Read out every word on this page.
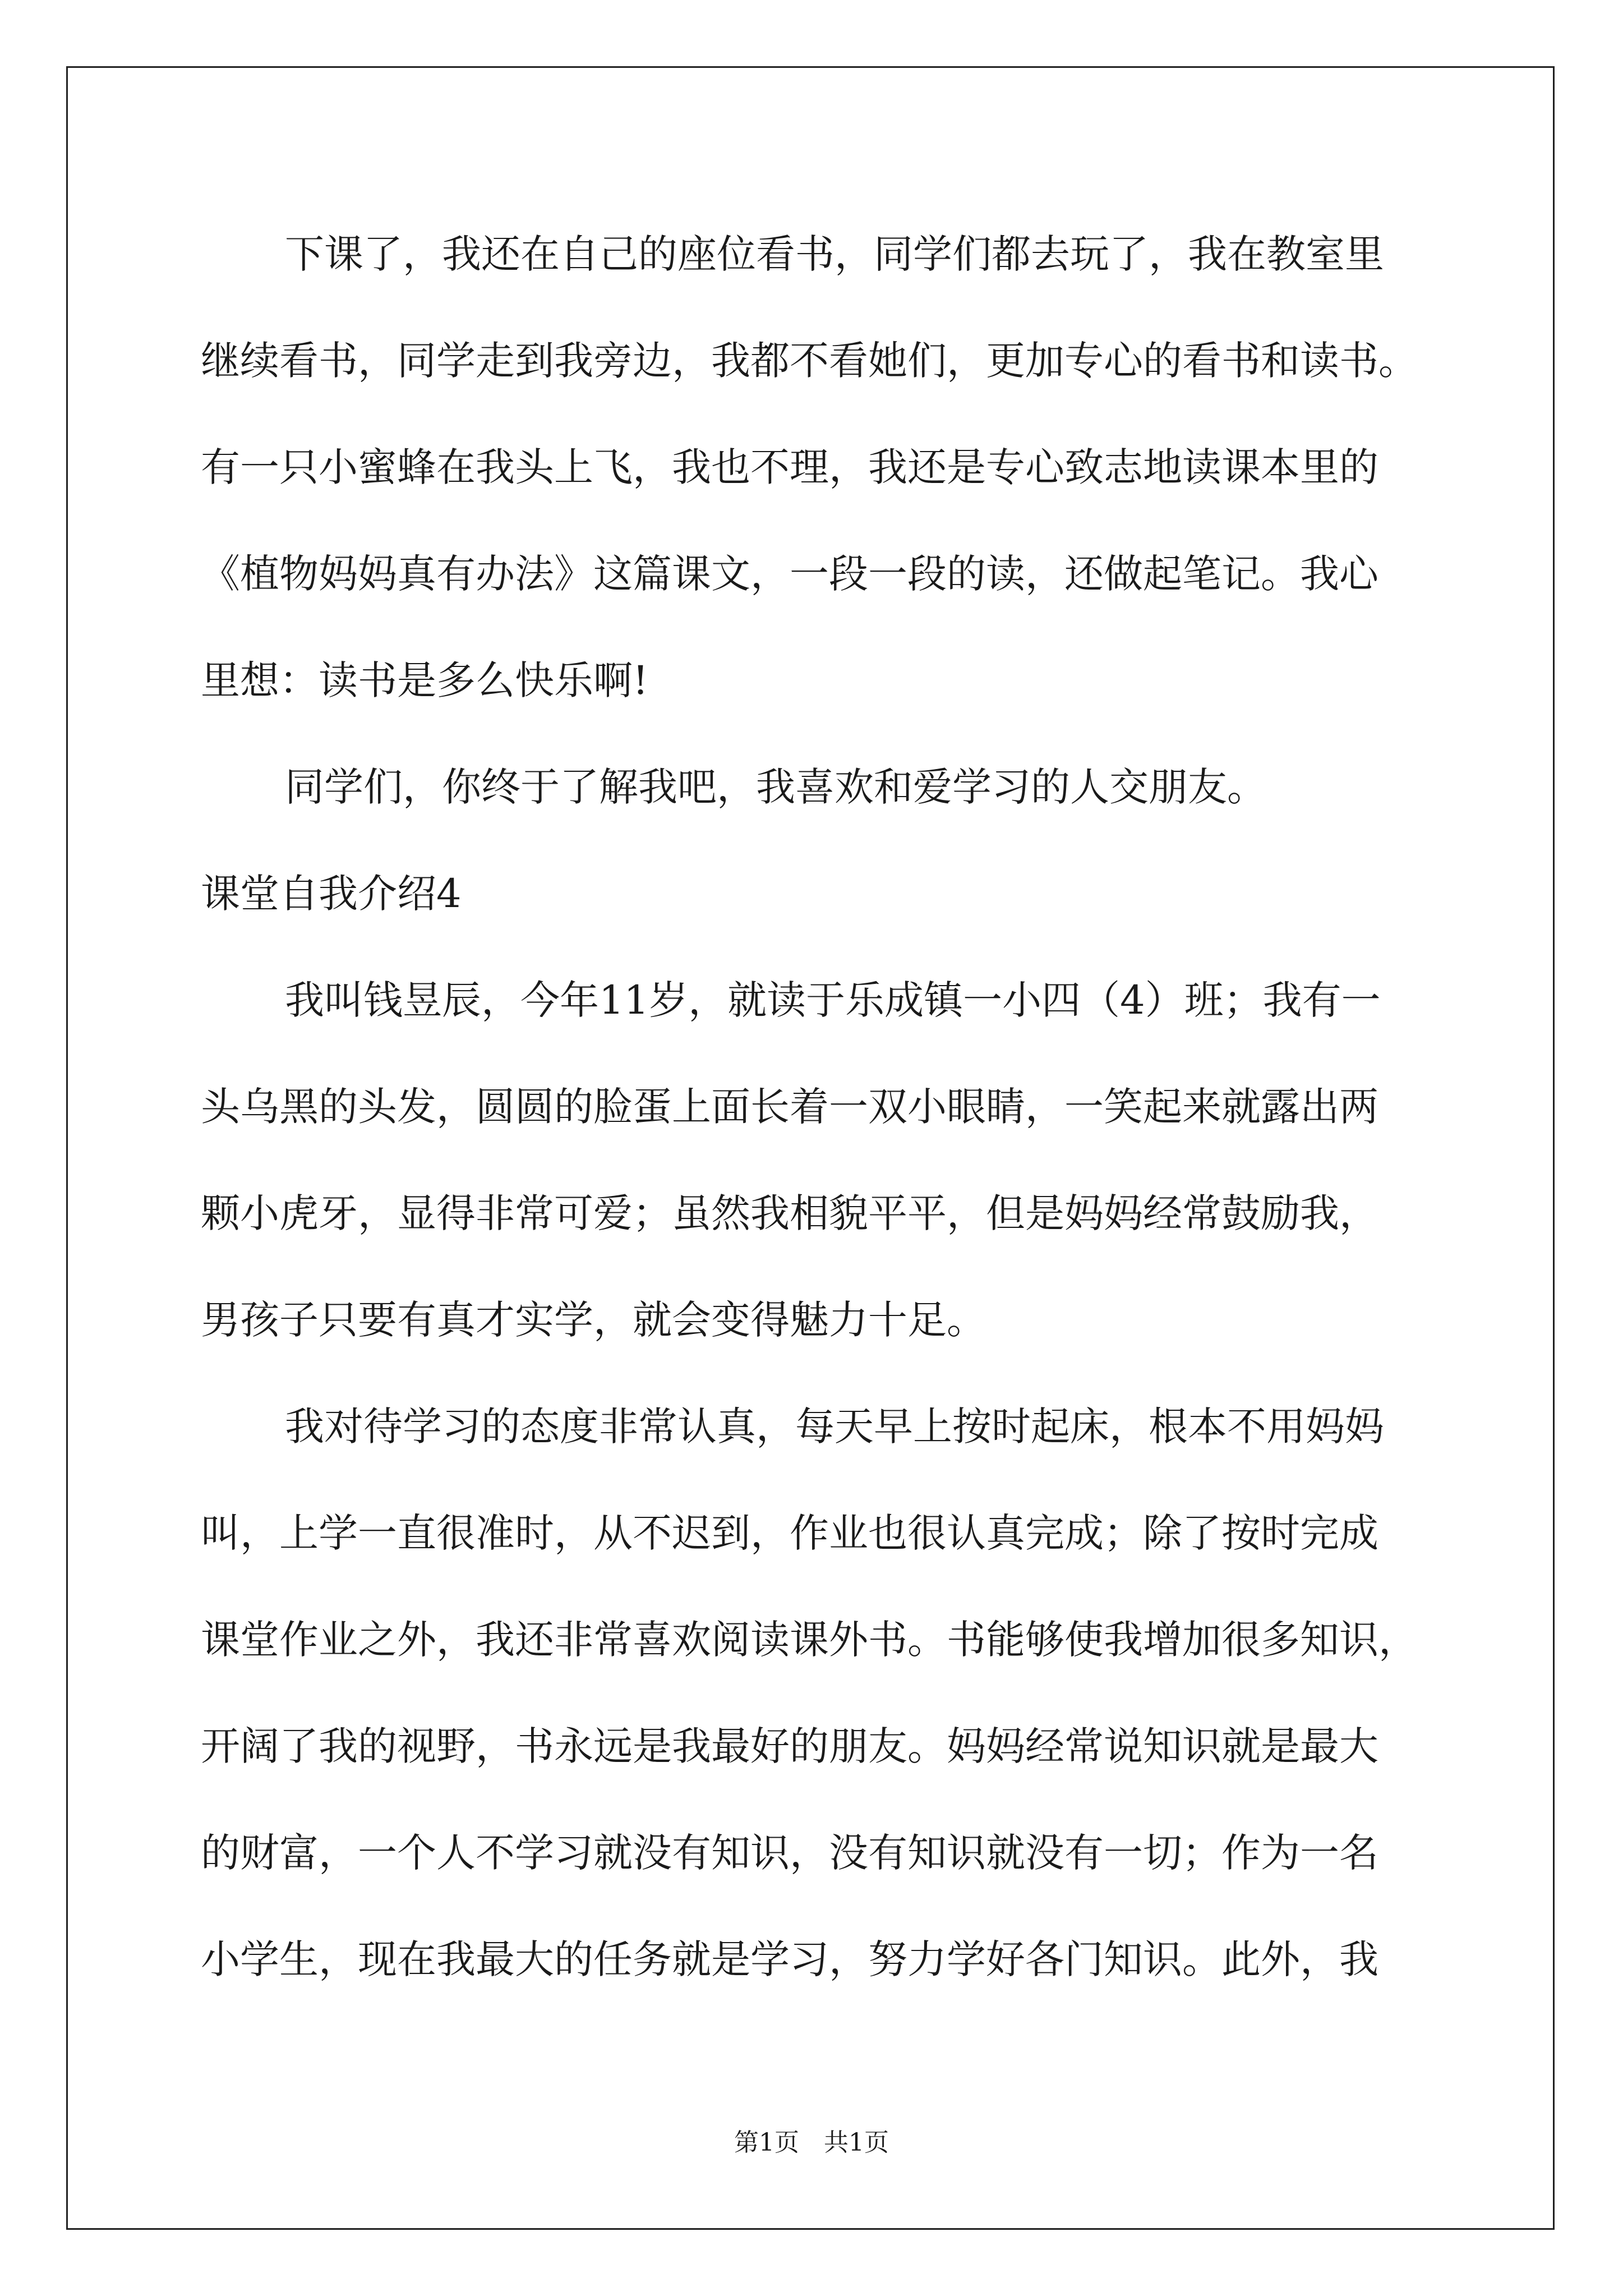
下课了，我还在自己的座位看书，同学们都去玩了，我在教室里
继续看书，同学走到我旁边，我都不看她们，更加专心的看书和读书。
有一只小蜜蜂在我头上飞，我也不理，我还是专心致志地读课本里的
《植物妈妈真有办法》这篇课文，一段一段的读，还做起笔记。我心
里想：读书是多么快乐啊!
同学们，你终于了解我吧，我喜欢和爱学习的人交朋友。
课堂自我介绍4
我叫钱昱辰，今年11岁，就读于乐成镇一小四（4）班；我有一
头乌黑的头发，圆圆的脸蛋上面长着一双小眼睛，一笑起来就露出两
颗小虎牙，显得非常可爱；虽然我相貌平平，但是妈妈经常鼓励我，
男孩子只要有真才实学，就会变得魅力十足。
我对待学习的态度非常认真，每天早上按时起床，根本不用妈妈
叫，上学一直很准时，从不迟到，作业也很认真完成；除了按时完成
课堂作业之外，我还非常喜欢阅读课外书。书能够使我增加很多知识，
开阔了我的视野，书永远是我最好的朋友。妈妈经常说知识就是最大
的财富，一个人不学习就没有知识，没有知识就没有一切；作为一名
小学生，现在我最大的任务就是学习，努力学好各门知识。此外，我
第1页　共1页
